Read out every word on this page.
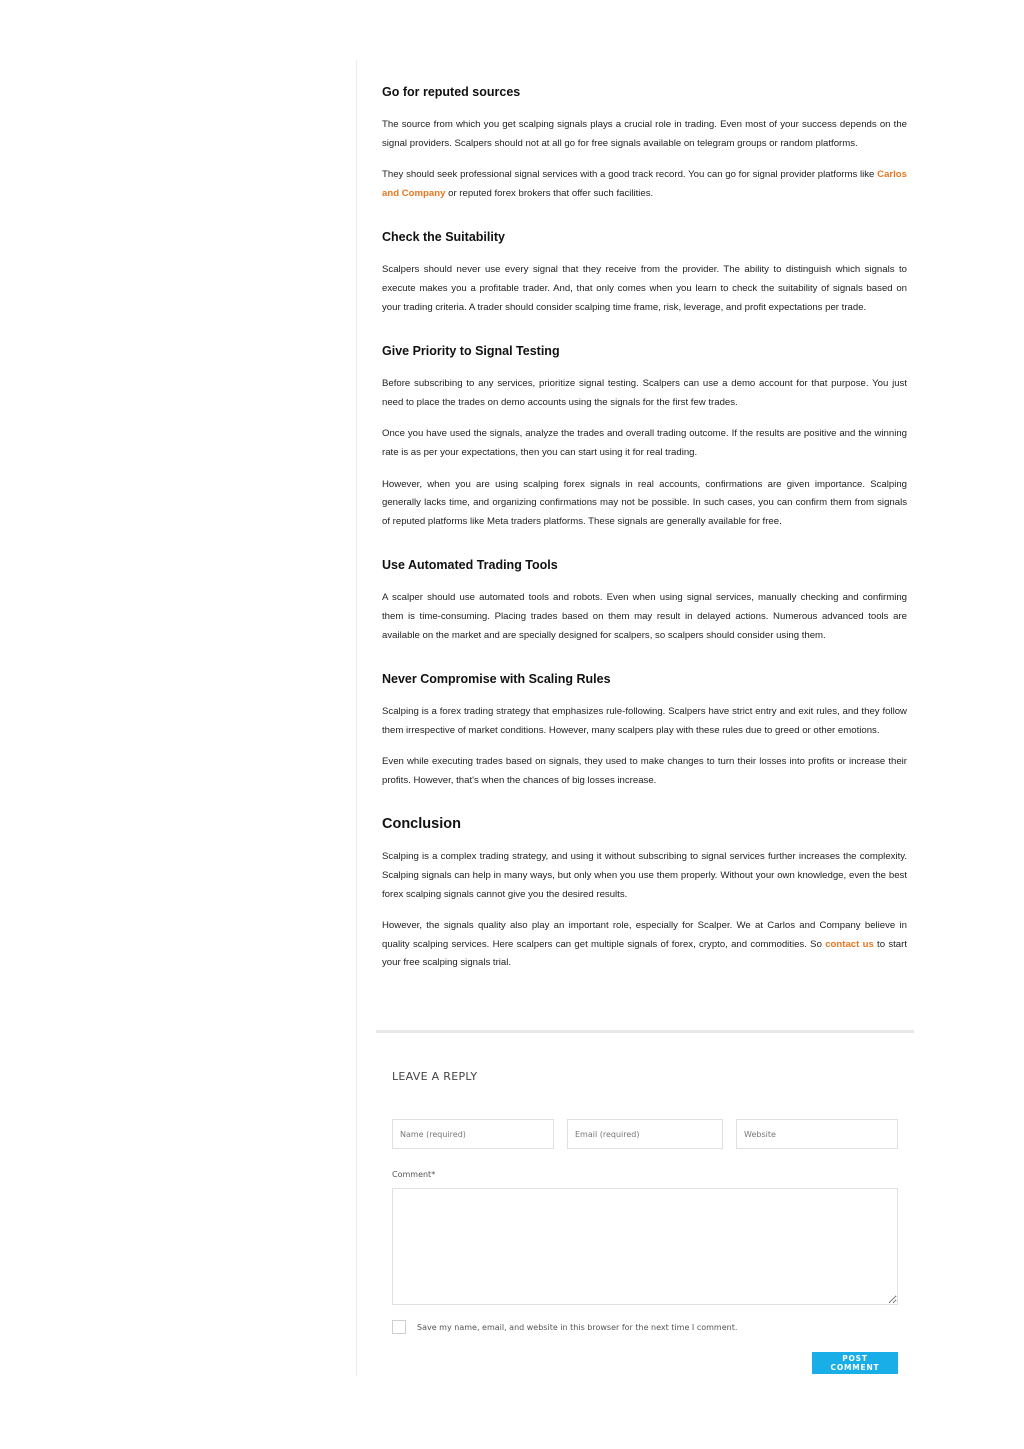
Go for reputed sources

The source from which you get scalping signals plays a crucial role in trading. Even most of your success depends on the signal providers. Scalpers should not at all go for free signals available on telegram groups or random platforms.

They should seek professional signal services with a good track record. You can go for signal provider platforms like Carlos and Company or reputed forex brokers that offer such facilities.

Check the Suitability

Scalpers should never use every signal that they receive from the provider. The ability to distinguish which signals to execute makes you a profitable trader. And, that only comes when you learn to check the suitability of signals based on your trading criteria. A trader should consider scalping time frame, risk, leverage, and profit expectations per trade.

Give Priority to Signal Testing

Before subscribing to any services, prioritize signal testing. Scalpers can use a demo account for that purpose. You just need to place the trades on demo accounts using the signals for the first few trades.

Once you have used the signals, analyze the trades and overall trading outcome. If the results are positive and the winning rate is as per your expectations, then you can start using it for real trading.

However, when you are using scalping forex signals in real accounts, confirmations are given importance. Scalping generally lacks time, and organizing confirmations may not be possible. In such cases, you can confirm them from signals of reputed platforms like Meta traders platforms. These signals are generally available for free.

Use Automated Trading Tools

A scalper should use automated tools and robots. Even when using signal services, manually checking and confirming them is time-consuming. Placing trades based on them may result in delayed actions. Numerous advanced tools are available on the market and are specially designed for scalpers, so scalpers should consider using them.

Never Compromise with Scaling Rules

Scalping is a forex trading strategy that emphasizes rule-following. Scalpers have strict entry and exit rules, and they follow them irrespective of market conditions. However, many scalpers play with these rules due to greed or other emotions.

Even while executing trades based on signals, they used to make changes to turn their losses into profits or increase their profits. However, that's when the chances of big losses increase.

Conclusion

Scalping is a complex trading strategy, and using it without subscribing to signal services further increases the complexity. Scalping signals can help in many ways, but only when you use them properly. Without your own knowledge, even the best forex scalping signals cannot give you the desired results.

However, the signals quality also play an important role, especially for Scalper. We at Carlos and Company believe in quality scalping services. Here scalpers can get multiple signals of forex, crypto, and commodities. So contact us to start your free scalping signals trial.

LEAVE A REPLY
Name (required)
Email (required)
Website
Comment*
Save my name, email, and website in this browser for the next time I comment.
POST COMMENT
